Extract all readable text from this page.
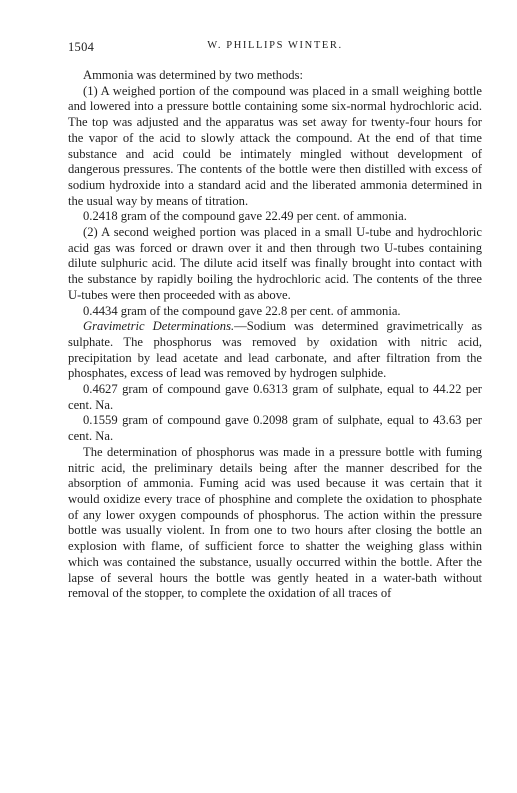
1504	W. PHILLIPS WINTER.

Ammonia was determined by two methods:

(1) A weighed portion of the compound was placed in a small weighing bottle and lowered into a pressure bottle containing some six-normal hydrochloric acid. The top was adjusted and the apparatus was set away for twenty-four hours for the vapor of the acid to slowly attack the compound. At the end of that time substance and acid could be intimately mingled without development of dangerous pressures. The contents of the bottle were then distilled with excess of sodium hydroxide into a standard acid and the liberated ammonia determined in the usual way by means of titration.

0.2418 gram of the compound gave 22.49 per cent. of ammonia.

(2) A second weighed portion was placed in a small U-tube and hydrochloric acid gas was forced or drawn over it and then through two U-tubes containing dilute sulphuric acid. The dilute acid itself was finally brought into contact with the substance by rapidly boiling the hydrochloric acid. The contents of the three U-tubes were then proceeded with as above.

0.4434 gram of the compound gave 22.8 per cent. of ammonia.

Gravimetric Determinations.—Sodium was determined gravimetrically as sulphate. The phosphorus was removed by oxidation with nitric acid, precipitation by lead acetate and lead carbonate, and after filtration from the phosphates, excess of lead was removed by hydrogen sulphide.

0.4627 gram of compound gave 0.6313 gram of sulphate, equal to 44.22 per cent. Na.

0.1559 gram of compound gave 0.2098 gram of sulphate, equal to 43.63 per cent. Na.

The determination of phosphorus was made in a pressure bottle with fuming nitric acid, the preliminary details being after the manner described for the absorption of ammonia. Fuming acid was used because it was certain that it would oxidize every trace of phosphine and complete the oxidation to phosphate of any lower oxygen compounds of phosphorus. The action within the pressure bottle was usually violent. In from one to two hours after closing the bottle an explosion with flame, of sufficient force to shatter the weighing glass within which was contained the substance, usually occurred within the bottle. After the lapse of several hours the bottle was gently heated in a water-bath without removal of the stopper, to complete the oxidation of all traces of
